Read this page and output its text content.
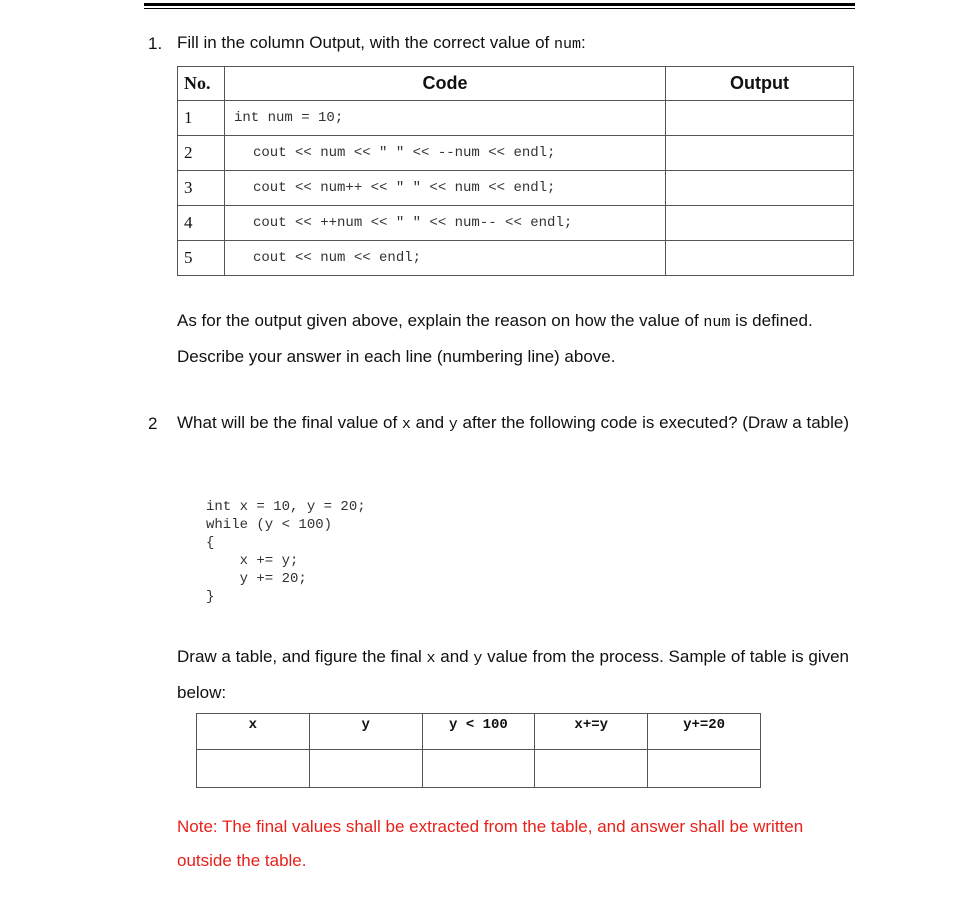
1. Fill in the column Output, with the correct value of num:
No.	Code	Output
1	int num = 10;	
2	cout << num << " " << --num << endl;	
3	cout << num++ << " " << num << endl;	
4	cout << ++num << " " << num-- << endl;	
5	cout << num << endl;	
As for the output given above, explain the reason on how the value of num is defined.
Describe your answer in each line (numbering line) above.
2 What will be the final value of x and y after the following code is executed? (Draw a table)
int x = 10, y = 20;
while (y < 100)
{
x += y;
y += 20;
}
Draw a table, and figure the final x and y value from the process. Sample of table is given below:
x	y	y < 100	x+=y	y+=20

Note: The final values shall be extracted from the table, and answer shall be written outside the table.
